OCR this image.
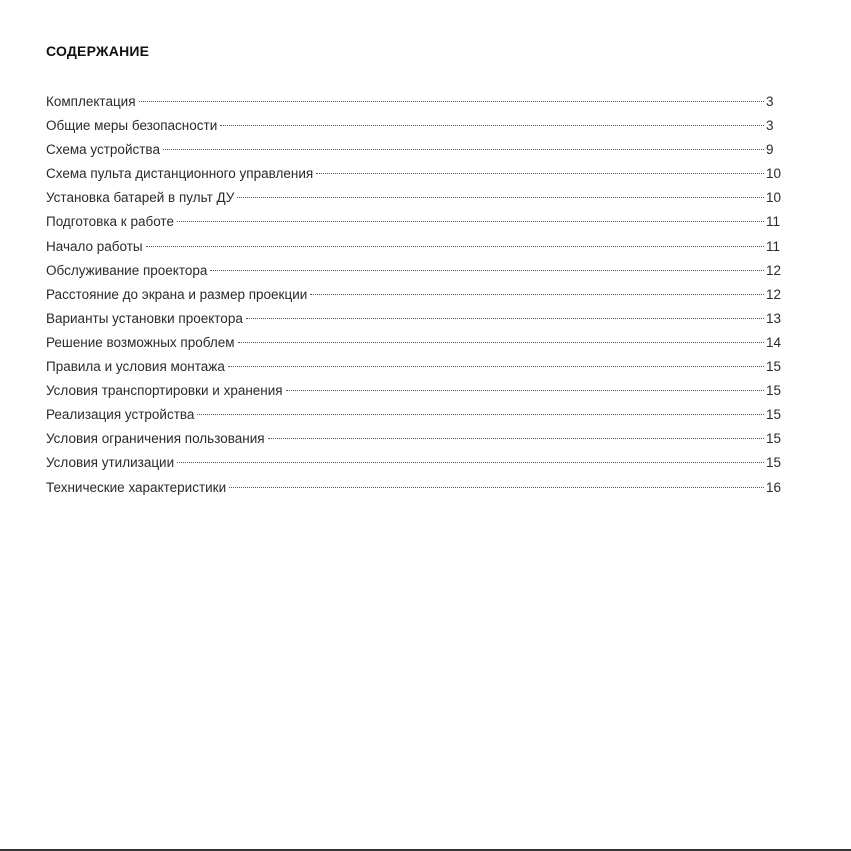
СОДЕРЖАНИЕ
Комплектация	3
Общие меры безопасности	3
Схема устройства	9
Схема пульта дистанционного управления	10
Установка батарей в пульт ДУ	10
Подготовка к работе	11
Начало работы	11
Обслуживание проектора	12
Расстояние до экрана и размер проекции	12
Варианты установки проектора	13
Решение возможных проблем	14
Правила и условия монтажа	15
Условия транспортировки и хранения	15
Реализация устройства	15
Условия ограничения пользования	15
Условия утилизации	15
Технические характеристики	16
